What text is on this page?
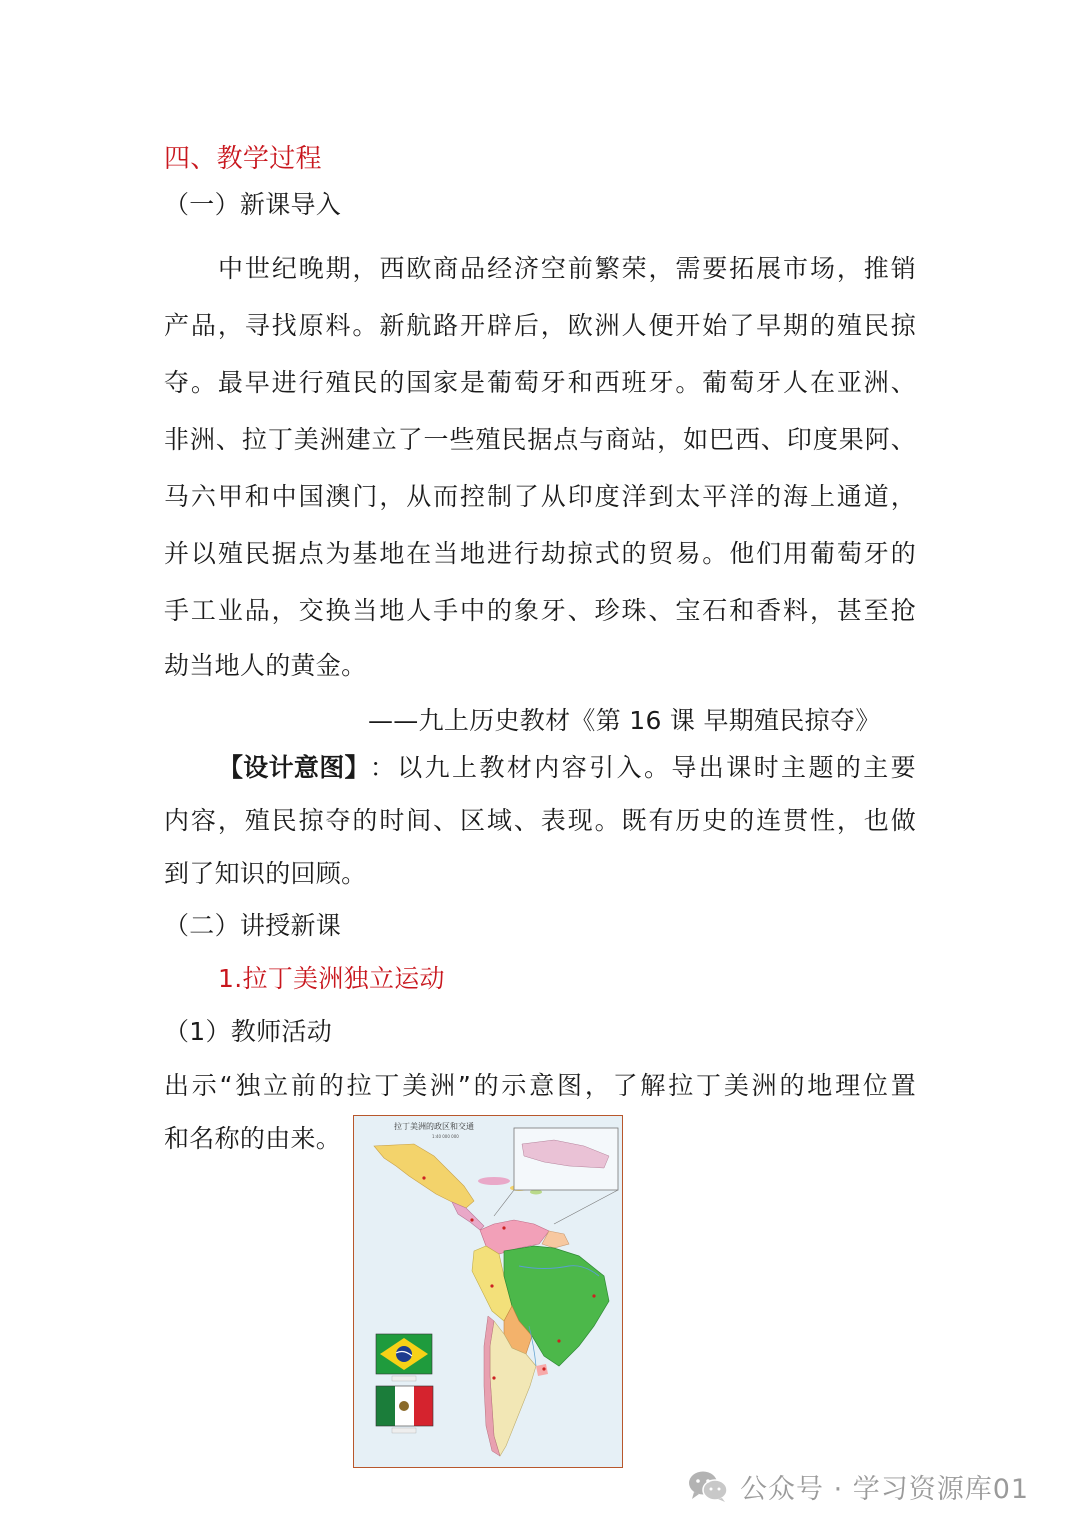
四、教学过程
（一）新课导入
中世纪晚期，西欧商品经济空前繁荣，需要拓展市场，推销
产品，寻找原料。新航路开辟后，欧洲人便开始了早期的殖民掠
夺。最早进行殖民的国家是葡萄牙和西班牙。葡萄牙人在亚洲、
非洲、拉丁美洲建立了一些殖民据点与商站，如巴西、印度果阿、
马六甲和中国澳门，从而控制了从印度洋到太平洋的海上通道，
并以殖民据点为基地在当地进行劫掠式的贸易。他们用葡萄牙的
手工业品，交换当地人手中的象牙、珍珠、宝石和香料，甚至抢
劫当地人的黄金。
——九上历史教材《第 16 课 早期殖民掠夺》
【设计意图】 ：以九上教材内容引入。导出课时主题的主要
内容，殖民掠夺的时间、区域、表现。既有历史的连贯性，也做
到了知识的回顾。
（二）讲授新课
1.拉丁美洲独立运动
（1）教师活动
出示“独立前的拉丁美洲”的示意图，了解拉丁美洲的地理位置
和名称的由来。	拉丁美洲的政区和交通
1:40 000 000
公众号 · 学习资源库01
